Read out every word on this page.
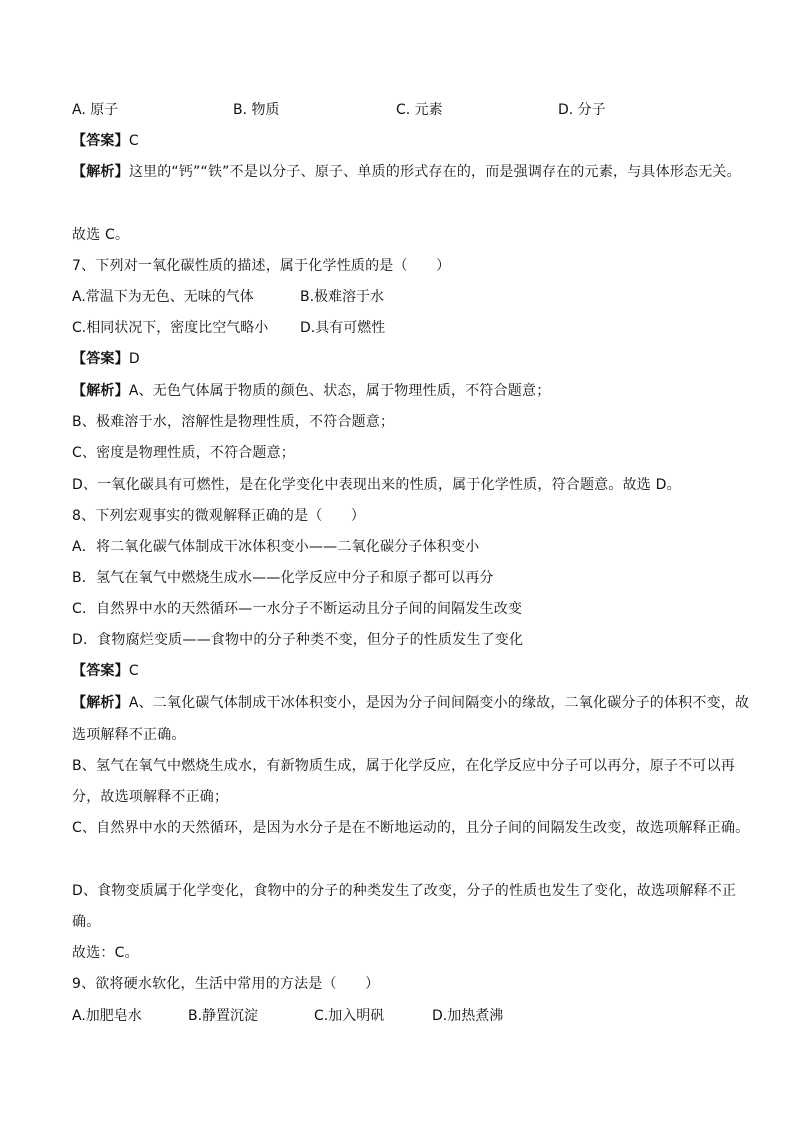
A. 原子	B. 物质	C. 元素	D. 分子
【答案】C
【解析】这里的“钙”“铁”不是以分子、原子、单质的形式存在的，而是强调存在的元素，与具体形态无关。
故选 C。
7、下列对一氧化碳性质的描述，属于化学性质的是（　　）
A.常温下为无色、无味的气体	B.极难溶于水
C.相同状况下，密度比空气略小 D.具有可燃性
【答案】D
【解析】A、无色气体属于物质的颜色、状态，属于物理性质，不符合题意；
B、极难溶于水，溶解性是物理性质，不符合题意；
C、密度是物理性质，不符合题意；
D、一氧化碳具有可燃性，是在化学变化中表现出来的性质，属于化学性质，符合题意。故选 D。
8、下列宏观事实的微观解释正确的是（　　）
A．将二氧化碳气体制成干冰体积变小——二氧化碳分子体积变小
B．氢气在氧气中燃烧生成水——化学反应中分子和原子都可以再分
C．自然界中水的天然循环—一水分子不断运动且分子间的间隔发生改变
D．食物腐烂变质——食物中的分子种类不变，但分子的性质发生了变化
【答案】C
【解析】A、二氧化碳气体制成干冰体积变小，是因为分子间间隔变小的缘故，二氧化碳分子的体积不变，故
选项解释不正确。
B、氢气在氧气中燃烧生成水，有新物质生成，属于化学反应，在化学反应中分子可以再分，原子不可以再
分，故选项解释不正确；
C、自然界中水的天然循环，是因为水分子是在不断地运动的，且分子间的间隔发生改变，故选项解释正确。
D、食物变质属于化学变化，食物中的分子的种类发生了改变，分子的性质也发生了变化，故选项解释不正
确。
故选：C。
9、欲将硬水软化，生活中常用的方法是（　　）
A.加肥皂水	B.静置沉淀	C.加入明矾	D.加热煮沸
